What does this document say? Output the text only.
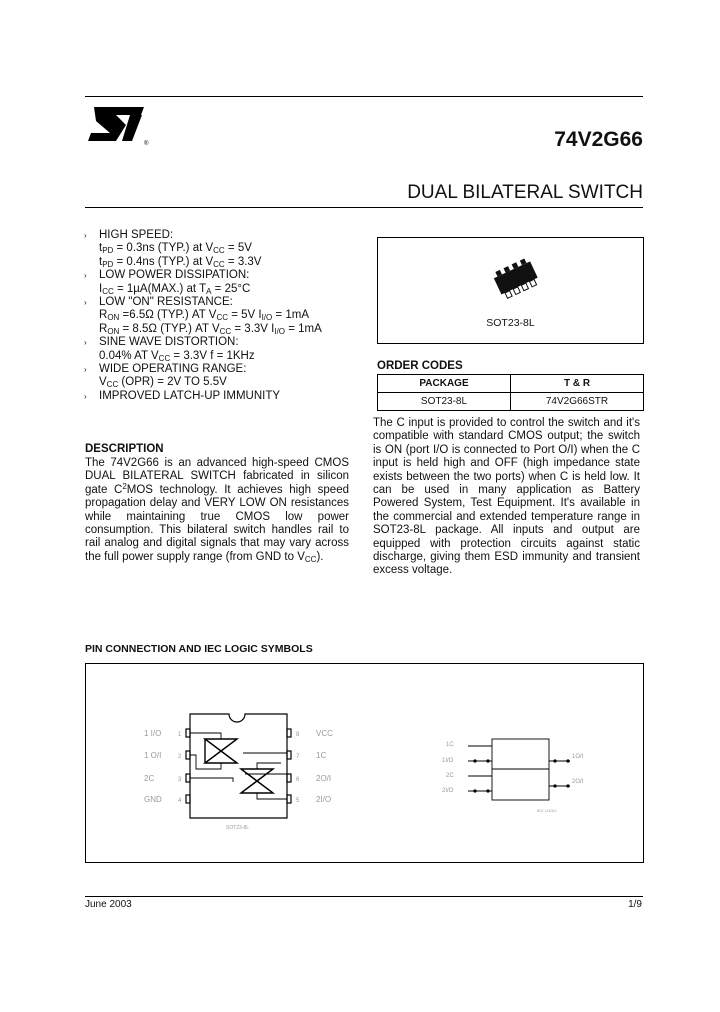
®	74V2G66
DUAL BILATERAL SWITCH
› HIGH SPEED:
$t_{PD} = 0.3ns$ (TYP.) at $V_{CC} = 5V$
$t_{PD} = 0.4ns$ (TYP.) at $V_{CC} = 3.3V$
› LOW POWER DISSIPATION:
$I_{CC} = 1\mu A(MAX.)$ at $T_A = 25^\circ C$
› LOW "ON" RESISTANCE:
$R_{ON} =6.5\Omega$ (TYP.) AT $V_{CC} = 5V$ $I_{I/O} = 1mA$
$R_{ON} = 8.5\Omega$ (TYP.) AT $V_{CC} = 3.3V$ $I_{I/O} = 1mA$
› SINE WAVE DISTORTION:
0.04% AT $V_{CC} = 3.3V$ f = 1KHz
› WIDE OPERATING RANGE:
$V_{CC}$ (OPR) = 2V TO 5.5V
› IMPROVED LATCH-UP IMMUNITY
SOT23-8L
ORDER CODES
PACKAGE	T & R
SOT23-8L	74V2G66STR
DESCRIPTION
The 74V2G66 is an advanced high-speed CMOS DUAL BILATERAL SWITCH fabricated in silicon gate $C^2MOS$ technology. It achieves high speed propagation delay and VERY LOW ON resistances while maintaining true CMOS low power consumption. This bilateral switch handles rail to rail analog and digital signals that may vary across the full power supply range (from GND to $V_{CC}$).
The C input is provided to control the switch and it's compatible with standard CMOS output; the switch is ON (port I/O is connected to Port O/I) when the C input is held high and OFF (high impedance state exists between the two ports) when C is held low. It can be used in many application as Battery Powered System, Test Equipment. It's available in the commercial and extended temperature range in SOT23-8L package. All inputs and output are equipped with protection circuits against static discharge, giving them ESD immunity and transient excess voltage.
PIN CONNECTION AND IEC LOGIC SYMBOLS
1 I/O
1 O/I
2C
GND
1
2
3
4
8
7
6
5
VCC
1C
2O/I
2I/O
SOT23-8L
1C
1I/O
2C
2I/O
1O/I
2O/I
IEC LOGIC
June 2003	1/9
